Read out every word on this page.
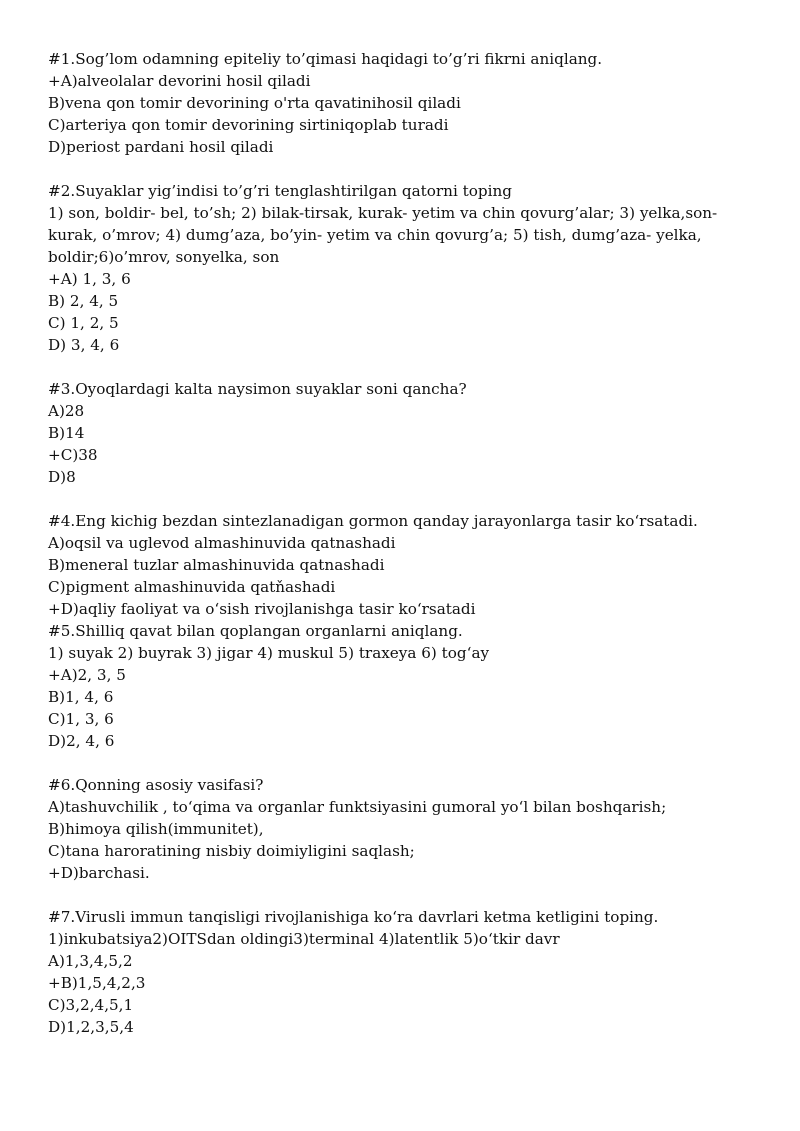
#1.Sog’lom odamning epiteliy to’qimasi haqidagi to’g’ri fikrni aniqlang.
+A)alveolalar devorini hosil qiladi
B)vena qon tomir devorining o'rta qavatinihosil qiladi
C)arteriya qon tomir devorining sirtiniqoplab turadi
D)periost pardani hosil qiladi
#2.Suyaklar yig’indisi to’g’ri tenglashtirilgan qatorni toping
1) son, boldir- bel, to’sh; 2) bilak-tirsak, kurak- yetim va chin qovurg’alar; 3) yelka,son-
kurak, o’mrov; 4) dumg’aza, bo’yin- yetim va chin qovurg’a; 5) tish, dumg’aza- yelka,
boldir;6)o’mrov, sonyelka, son
+A) 1, 3, 6
B) 2, 4, 5
C) 1, 2, 5
D) 3, 4, 6
#3.Oyoqlardagi kalta naysimon suyaklar soni qancha?
A)28
B)14
+C)38
D)8
#4.Eng kichig bezdan sintezlanadigan gormon qanday jarayonlarga tasir ko‘rsatadi.
A)oqsil va uglevod almashinuvida qatnashadi
B)meneral tuzlar almashinuvida qatnashadi
C)pigment almashinuvida qatňashadi
+D)aqliy faoliyat va o‘sish rivojlanishga tasir ko‘rsatadi
#5.Shilliq qavat bilan qoplangan organlarni aniqlang.
1) suyak 2) buyrak 3) jigar 4) muskul 5) traxeya 6) tog‘ay
+A)2, 3, 5
B)1, 4, 6
C)1, 3, 6
D)2, 4, 6
#6.Qonning asosiy vasifasi?
A)tashuvchilik , to‘qima va organlar funktsiyasini gumoral yo‘l bilan boshqarish;
B)himoya qilish(immunitet),
C)tana haroratining nisbiy doimiyligini saqlash;
+D)barchasi.
#7.Virusli immun tanqisligi rivojlanishiga ko‘ra davrlari ketma ketligini toping.
1)inkubatsiya2)OITSdan oldingi3)terminal 4)latentlik 5)o‘tkir davr
A)1,3,4,5,2
+B)1,5,4,2,3
C)3,2,4,5,1
D)1,2,3,5,4
